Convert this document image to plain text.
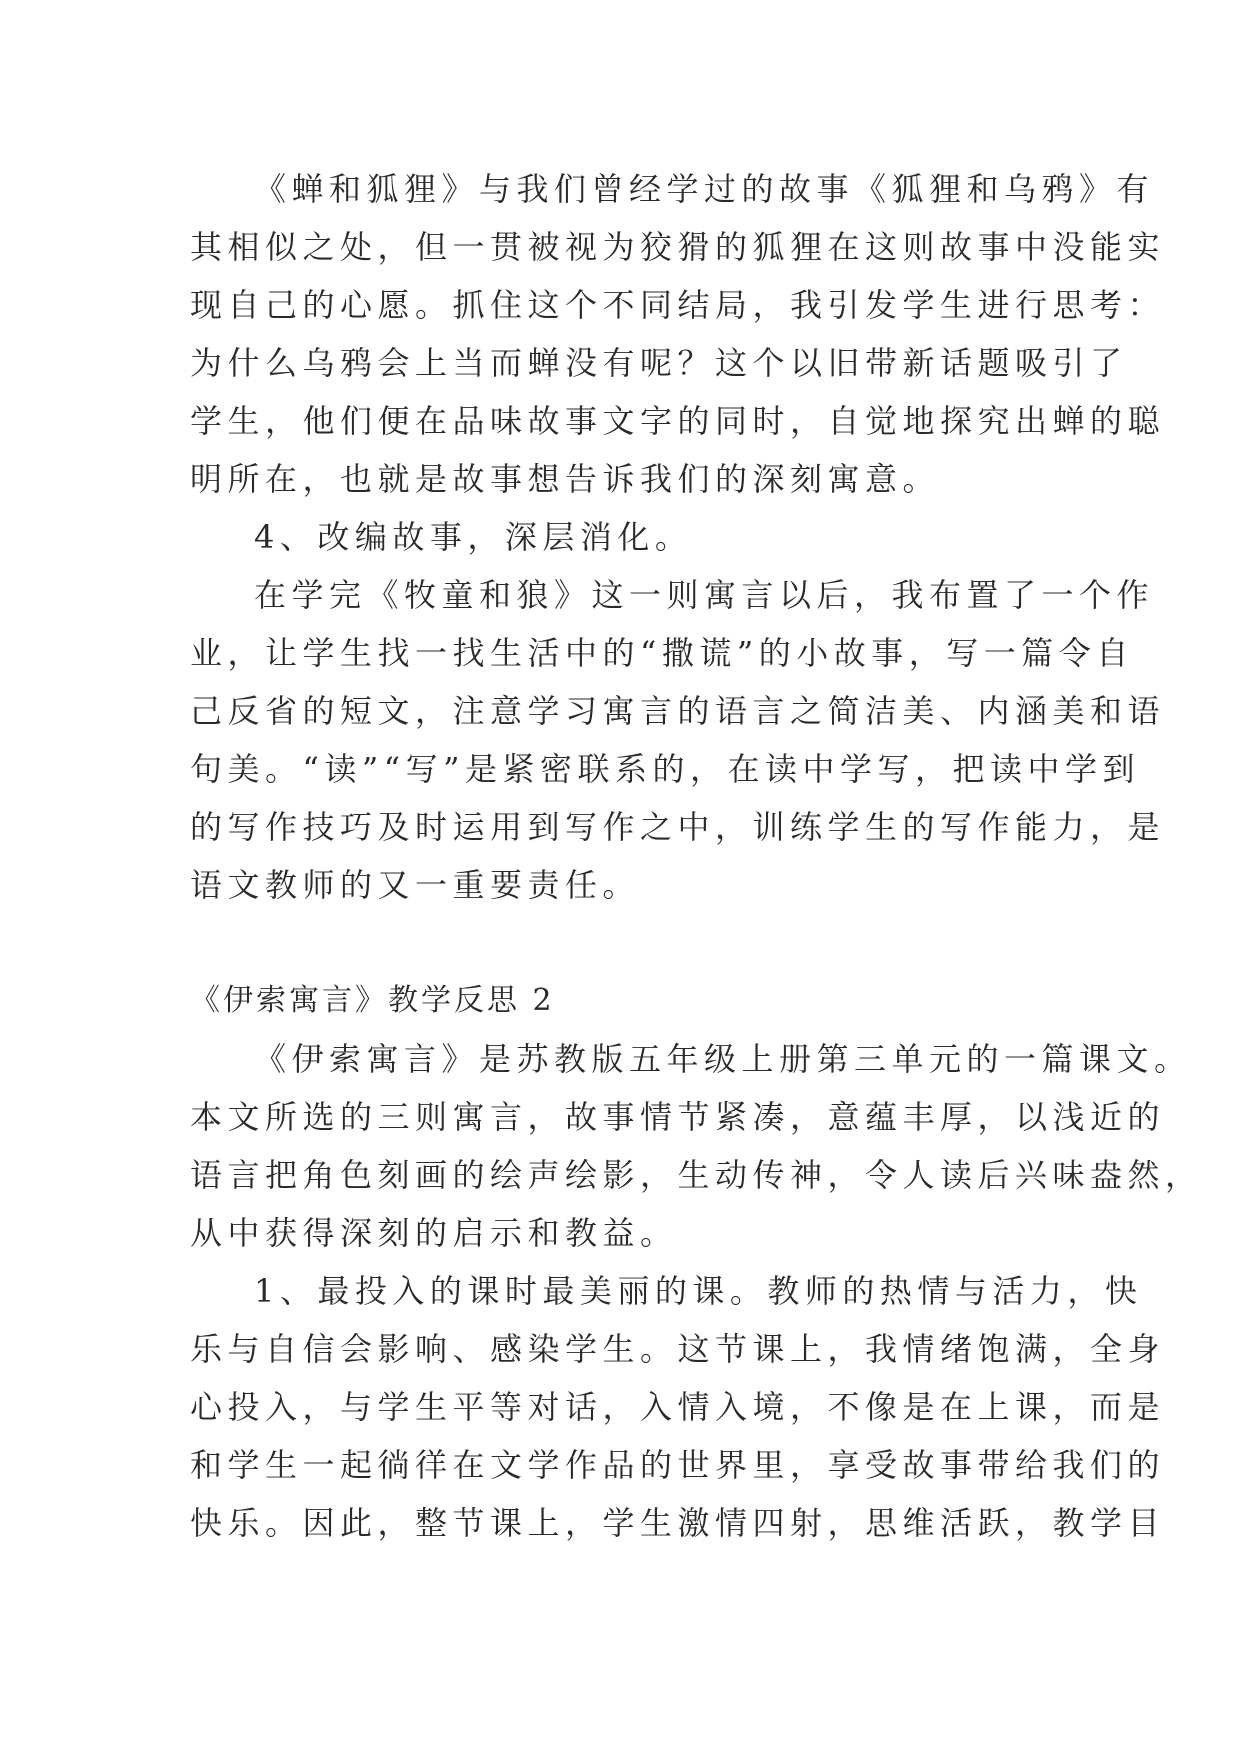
《蝉和狐狸》与我们曾经学过的故事《狐狸和乌鸦》有
其相似之处，但一贯被视为狡猾的狐狸在这则故事中没能实
现自己的心愿。抓住这个不同结局，我引发学生进行思考：
为什么乌鸦会上当而蝉没有呢？这个以旧带新话题吸引了
学生，他们便在品味故事文字的同时，自觉地探究出蝉的聪
明所在，也就是故事想告诉我们的深刻寓意。
4、改编故事，深层消化。
在学完《牧童和狼》这一则寓言以后，我布置了一个作
业，让学生找一找生活中的“撒谎”的小故事，写一篇令自
己反省的短文，注意学习寓言的语言之简洁美、内涵美和语
句美。“读”“写”是紧密联系的，在读中学写，把读中学到
的写作技巧及时运用到写作之中，训练学生的写作能力，是
语文教师的又一重要责任。
《伊索寓言》教学反思 2
《伊索寓言》是苏教版五年级上册第三单元的一篇课文。
本文所选的三则寓言，故事情节紧凑，意蕴丰厚，以浅近的
语言把角色刻画的绘声绘影，生动传神，令人读后兴味盎然，
从中获得深刻的启示和教益。
1、最投入的课时最美丽的课。教师的热情与活力，快
乐与自信会影响、感染学生。这节课上，我情绪饱满，全身
心投入，与学生平等对话，入情入境，不像是在上课，而是
和学生一起徜徉在文学作品的世界里，享受故事带给我们的
快乐。因此，整节课上，学生激情四射，思维活跃，教学目
